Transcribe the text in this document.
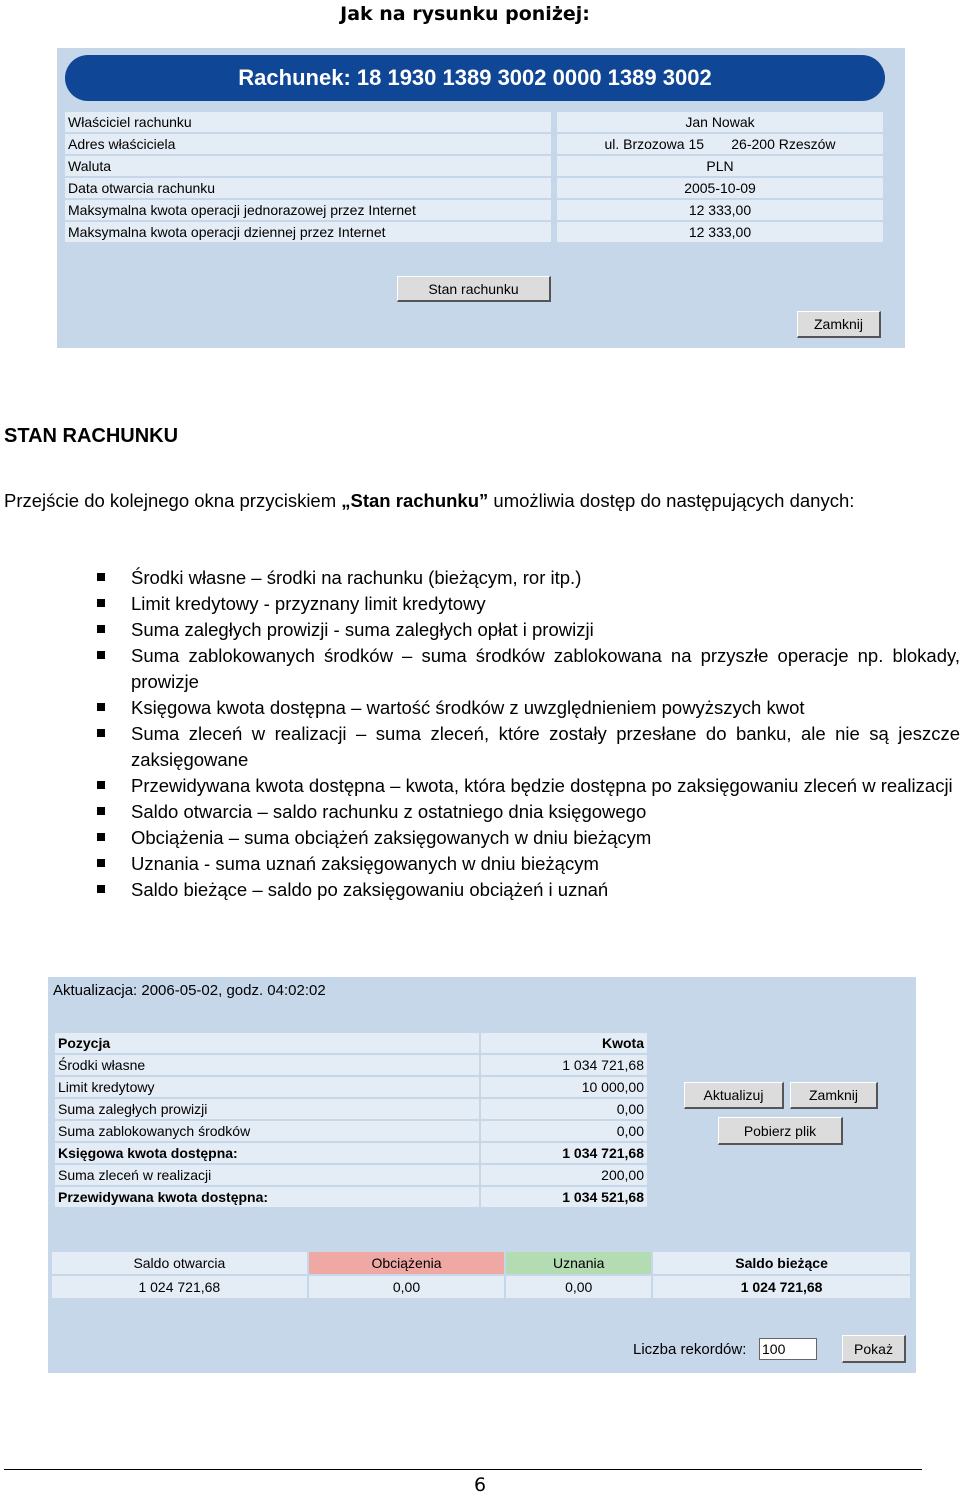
Jak na rysunku poniżej:
Rachunek: 18 1930 1389 3002 0000 1389 3002
Właściciel rachunku		Jan Nowak
Adres właściciela		ul. Brzozowa 15       26-200 Rzeszów
Waluta		PLN
Data otwarcia rachunku		2005-10-09
Maksymalna kwota operacji jednorazowej przez Internet		12 333,00
Maksymalna kwota operacji dziennej przez Internet		12 333,00
Stan rachunku
Zamknij
STAN RACHUNKU
Przejście do kolejnego okna przyciskiem „Stan rachunku” umożliwia dostęp do następujących danych:
Środki własne – środki na rachunku (bieżącym, ror itp.)
Limit kredytowy - przyznany limit kredytowy
Suma zaległych prowizji - suma zaległych opłat i prowizji
Suma zablokowanych środków – suma środków zablokowana na przyszłe operacje np. blokady, prowizje
Księgowa kwota dostępna – wartość środków z uwzględnieniem powyższych kwot
Suma zleceń w realizacji – suma zleceń, które zostały przesłane do banku, ale nie są jeszcze zaksięgowane
Przewidywana kwota dostępna – kwota, która będzie dostępna po zaksięgowaniu zleceń w realizacji
Saldo otwarcia – saldo rachunku z ostatniego dnia księgowego
Obciążenia – suma obciążeń zaksięgowanych w dniu bieżącym
Uznania - suma uznań zaksięgowanych w dniu bieżącym
Saldo bieżące – saldo po zaksięgowaniu obciążeń i uznań
Aktualizacja: 2006-05-02, godz. 04:02:02
Pozycja	Kwota
Środki własne	1 034 721,68
Limit kredytowy	10 000,00
Suma zaległych prowizji	0,00
Suma zablokowanych środków	0,00
Księgowa kwota dostępna:	1 034 721,68
Suma zleceń w realizacji	200,00
Przewidywana kwota dostępna:	1 034 521,68
Aktualizuj	Zamknij
Pobierz plik
Saldo otwarcia	Obciążenia	Uznania	Saldo bieżące
1 024 721,68	0,00	0,00	1 024 721,68
Liczba rekordów:
100	Pokaż
6
